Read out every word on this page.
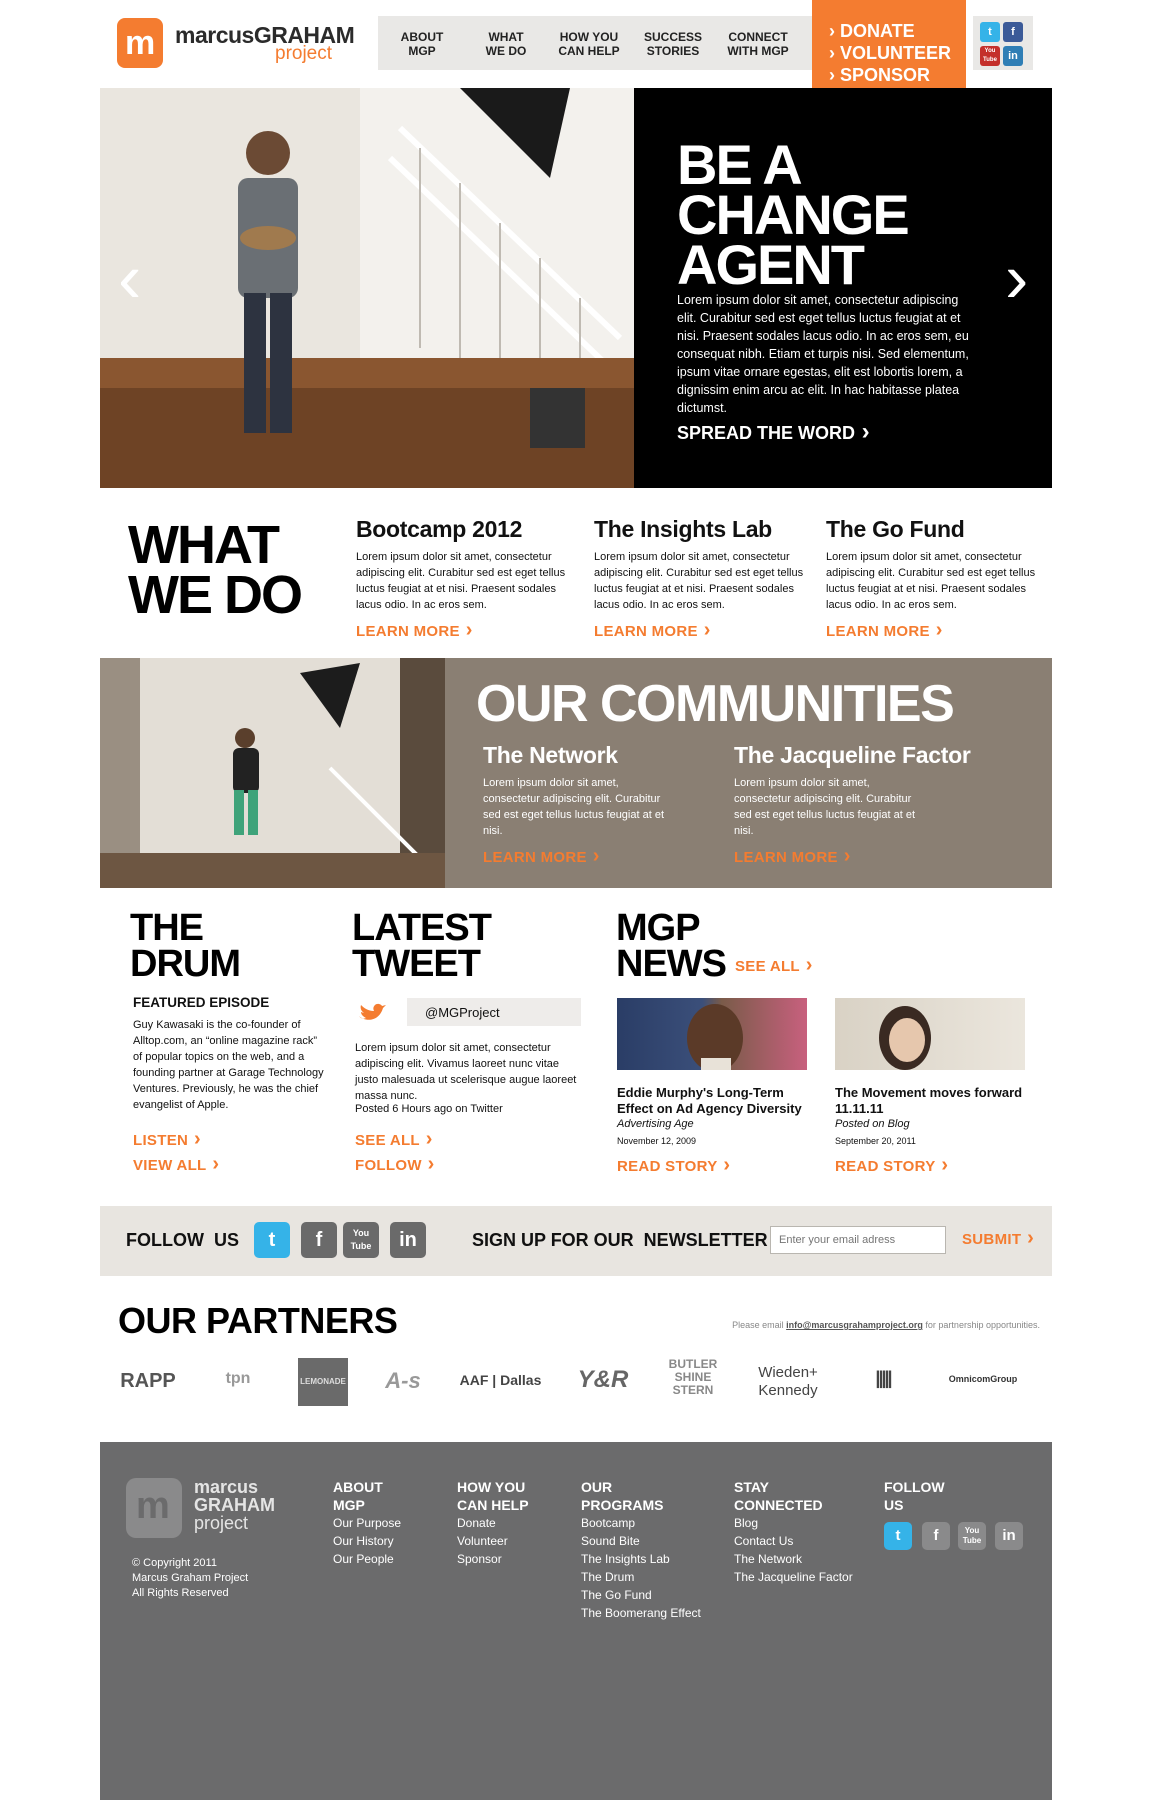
m marcusGRAHAM
project
ABOUT
MGP
WHAT
WE DO
HOW YOU
CAN HELP
SUCCESS
STORIES
CONNECT
WITH MGP
› DONATE
› VOLUNTEER
› SPONSOR
t	f
You Tube	in
‹	›
BE A
CHANGE
AGENT

Lorem ipsum dolor sit amet, consectetur adipiscing elit. Curabitur sed est eget tellus luctus feugiat at et nisi. Praesent sodales lacus odio. In ac eros sem, eu consequat nibh. Etiam et turpis nisi. Sed elementum, ipsum vitae ornare egestas, elit est lobortis lorem, a dignissim enim arcu ac elit. In hac habitasse platea dictumst.

SPREAD THE WORD ›
WHAT
WE DO
Bootcamp 2012

Lorem ipsum dolor sit amet, consectetur adipiscing elit. Curabitur sed est eget tellus luctus feugiat at et nisi. Praesent sodales lacus odio. In ac eros sem.

LEARN MORE ›
The Insights Lab

Lorem ipsum dolor sit amet, consectetur adipiscing elit. Curabitur sed est eget tellus luctus feugiat at et nisi. Praesent sodales lacus odio. In ac eros sem.

LEARN MORE ›
The Go Fund

Lorem ipsum dolor sit amet, consectetur adipiscing elit. Curabitur sed est eget tellus luctus feugiat at et nisi. Praesent sodales lacus odio. In ac eros sem.

LEARN MORE ›
OUR COMMUNITIES
The Network

Lorem ipsum dolor sit amet, consectetur adipiscing elit. Curabitur sed est eget tellus luctus feugiat at et nisi.

LEARN MORE ›
The Jacqueline Factor

Lorem ipsum dolor sit amet, consectetur adipiscing elit. Curabitur sed est eget tellus luctus feugiat at et nisi.

LEARN MORE ›
THE
DRUM
FEATURED EPISODE

Guy Kawasaki is the co-founder of Alltop.com, an “online magazine rack” of popular topics on the web, and a founding partner at Garage Technology Ventures. Previously, he was the chief evangelist of Apple.

LISTEN ›
VIEW ALL ›
LATEST
TWEET
@MGProject

Lorem ipsum dolor sit amet, consectetur adipiscing elit. Vivamus laoreet nunc vitae justo malesuada ut scelerisque augue laoreet massa nunc.

Posted 6 Hours ago on Twitter
SEE ALL ›
FOLLOW ›
MGP
NEWS SEE ALL ›
Eddie Murphy's Long-Term Effect on Ad Agency Diversity
Advertising Age
November 12, 2009
READ STORY ›
The Movement moves forward 11.11.11
Posted on Blog
September 20, 2011
READ STORY ›
FOLLOW  US	t	f	You Tube	in	SIGN UP FOR OUR  NEWSLETTER
Enter your email adress	SUBMIT ›
OUR PARTNERS	Please email info@marcusgrahamproject.org for partnership opportunities.
RAPP	tpn	LEMONADE	A-s	AAF | Dallas	Y&R
BUTLER SHINE STERN
Wieden+ Kennedy
|||||	OmnicomGroup
m marcus
GRAHAM
project
© Copyright 2011
Marcus Graham Project
All Rights Reserved
ABOUT
MGP
Our Purpose
Our History
Our People
HOW YOU
CAN HELP
Donate
Volunteer
Sponsor
OUR
PROGRAMS
Bootcamp
Sound Bite
The Insights Lab
The Drum
The Go Fund
The Boomerang Effect
STAY
CONNECTED
Blog
Contact Us
The Network
The Jacqueline Factor
FOLLOW
US
t	f	You Tube	in
